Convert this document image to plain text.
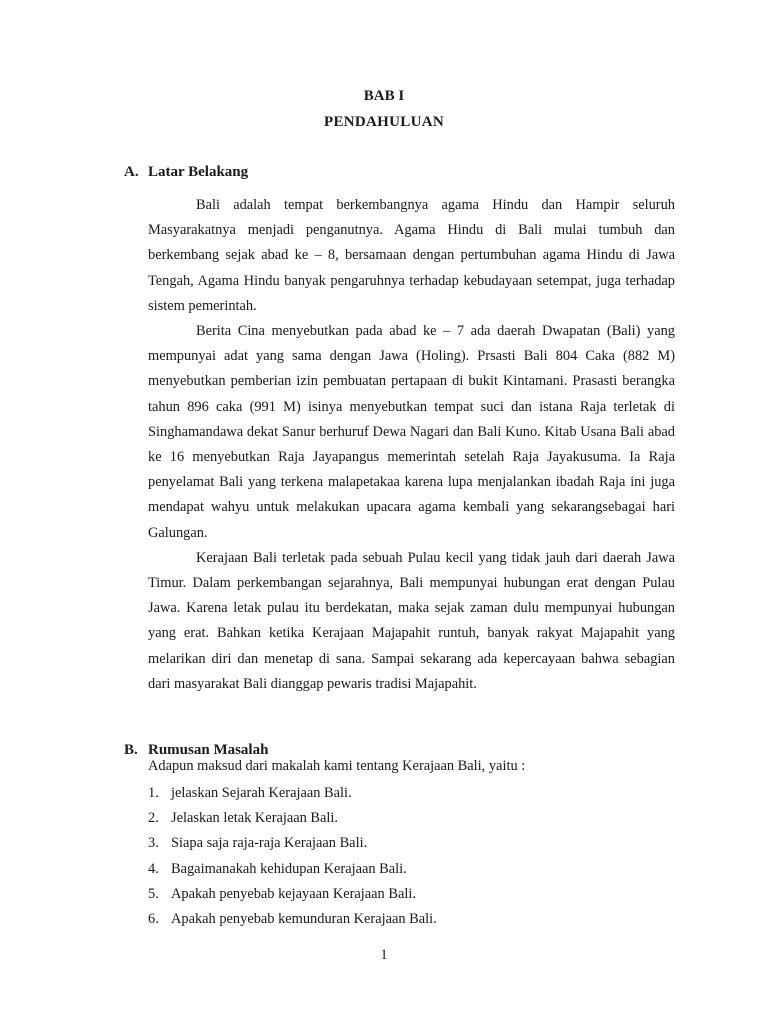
BAB I
PENDAHULUAN
A. Latar Belakang

Bali adalah tempat berkembangnya agama Hindu dan Hampir seluruh Masyarakatnya menjadi penganutnya. Agama Hindu di Bali mulai tumbuh dan berkembang sejak abad ke – 8, bersamaan dengan pertumbuhan agama Hindu di Jawa Tengah, Agama Hindu banyak pengaruhnya terhadap kebudayaan setempat, juga terhadap sistem pemerintah.

Berita Cina menyebutkan pada abad ke – 7 ada daerah Dwapatan (Bali) yang mempunyai adat yang sama dengan Jawa (Holing). Prsasti Bali 804 Caka (882 M) menyebutkan pemberian izin pembuatan pertapaan di bukit Kintamani. Prasasti berangka tahun 896 caka (991 M) isinya menyebutkan tempat suci dan istana Raja terletak di Singhamandawa dekat Sanur berhuruf Dewa Nagari dan Bali Kuno. Kitab Usana Bali abad ke 16 menyebutkan Raja Jayapangus memerintah setelah Raja Jayakusuma. Ia Raja penyelamat Bali yang terkena malapetakaa karena lupa menjalankan ibadah Raja ini juga mendapat wahyu untuk melakukan upacara agama kembali yang sekarangsebagai hari Galungan.

Kerajaan Bali terletak pada sebuah Pulau kecil yang tidak jauh dari daerah Jawa Timur. Dalam perkembangan sejarahnya, Bali mempunyai hubungan erat dengan Pulau Jawa. Karena letak pulau itu berdekatan, maka sejak zaman dulu mempunyai hubungan yang erat. Bahkan ketika Kerajaan Majapahit runtuh, banyak rakyat Majapahit yang melarikan diri dan menetap di sana. Sampai sekarang ada kepercayaan bahwa sebagian dari masyarakat Bali dianggap pewaris tradisi Majapahit.

B. Rumusan Masalah
Adapun maksud dari makalah kami tentang Kerajaan Bali, yaitu :
1. jelaskan Sejarah Kerajaan Bali.
2. Jelaskan letak Kerajaan Bali.
3. Siapa saja raja-raja Kerajaan Bali.
4. Bagaimanakah kehidupan Kerajaan Bali.
5. Apakah penyebab kejayaan Kerajaan Bali.
6. Apakah penyebab kemunduran Kerajaan Bali.
1
